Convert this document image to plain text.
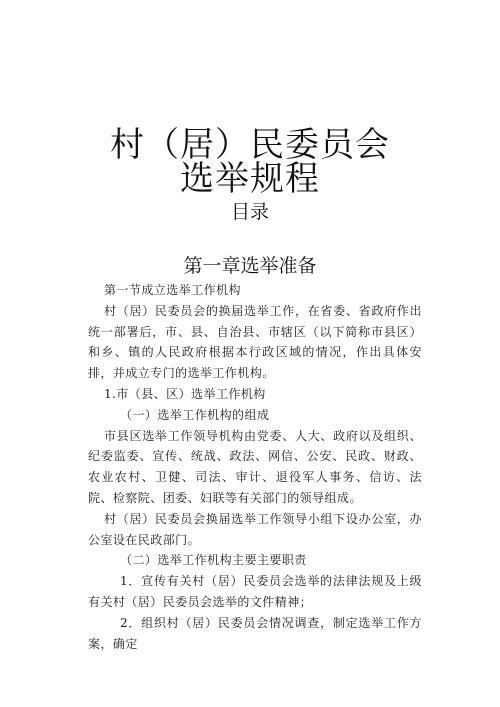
村（居）民委员会
选举规程
目录
第一章选举准备

第一节成立选举工作机构

村（居）民委员会的换届选举工作，在省委、省政府作出统一部署后，市、县、自治县、市辖区（以下简称市县区）和乡、镇的人民政府根据本行政区域的情况，作出具体安排，并成立专门的选举工作机构。

1.市（县、区）选举工作机构

（一）选举工作机构的组成

市县区选举工作领导机构由党委、人大、政府以及组织、纪委监委、宣传、统战、政法、网信、公安、民政、财政、农业农村、卫健、司法、审计、退役军人事务、信访、法院、检察院、团委、妇联等有关部门的领导组成。

村（居）民委员会换届选举工作领导小组下设办公室，办公室设在民政部门。

（二）选举工作机构主要主要职责

1．宣传有关村（居）民委员会选举的法律法规及上级有关村（居）民委员会选举的文件精神；

2．组织村（居）民委员会情况调查，制定选举工作方案，确定
